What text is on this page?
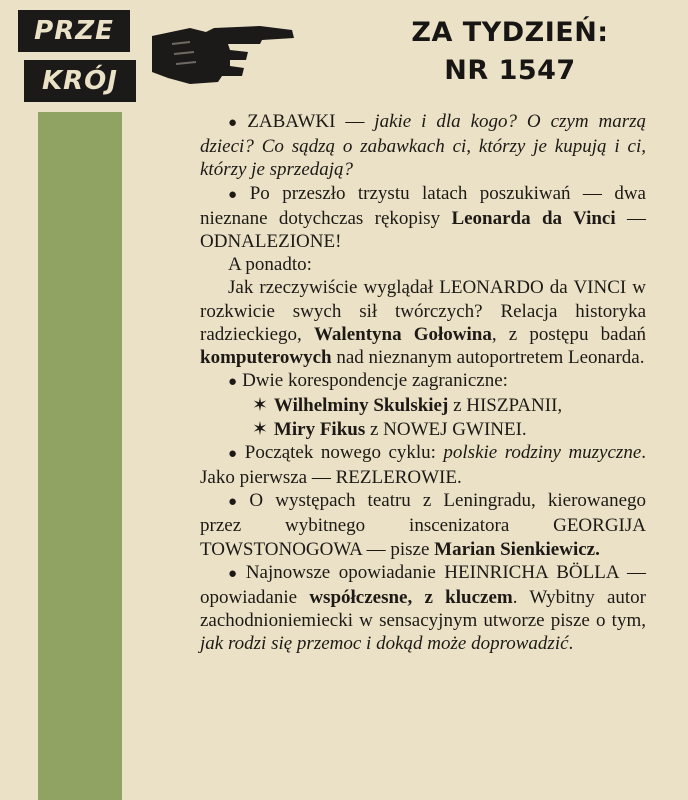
PRZE
KRÓJ
ZA TYDZIEŃ:
NR 1547

● ZABAWKI — jakie i dla kogo? O czym marzą dzieci? Co sądzą o zabawkach ci, którzy je kupują i ci, którzy je sprzedają?

● Po przeszło trzystu latach poszukiwań — dwa nieznane dotychczas rękopisy Leonarda da Vinci — ODNALEZIONE!

A ponadto:

Jak rzeczywiście wyglądał LEONARDO da VINCI w rozkwicie swych sił twórczych? Relacja historyka radzieckiego, Walentyna Gołowina, z postępu badań komputerowych nad nieznanym autoportretem Leonarda.

● Dwie korespondencje zagraniczne:

✶ Wilhelminy Skulskiej z HISZPANII,

✶ Miry Fikus z NOWEJ GWINEI.

● Początek nowego cyklu: polskie rodziny muzyczne. Jako pierwsza — REZLEROWIE.

● O występach teatru z Leningradu, kierowanego przez wybitnego inscenizatora GEORGIJA TOWSTONOGOWA — pisze Marian Sienkiewicz.

● Najnowsze opowiadanie HEINRICHA BÖLLA — opowiadanie współczesne, z kluczem. Wybitny autor zachodnioniemiecki w sensacyjnym utworze pisze o tym, jak rodzi się przemoc i dokąd może doprowadzić.
